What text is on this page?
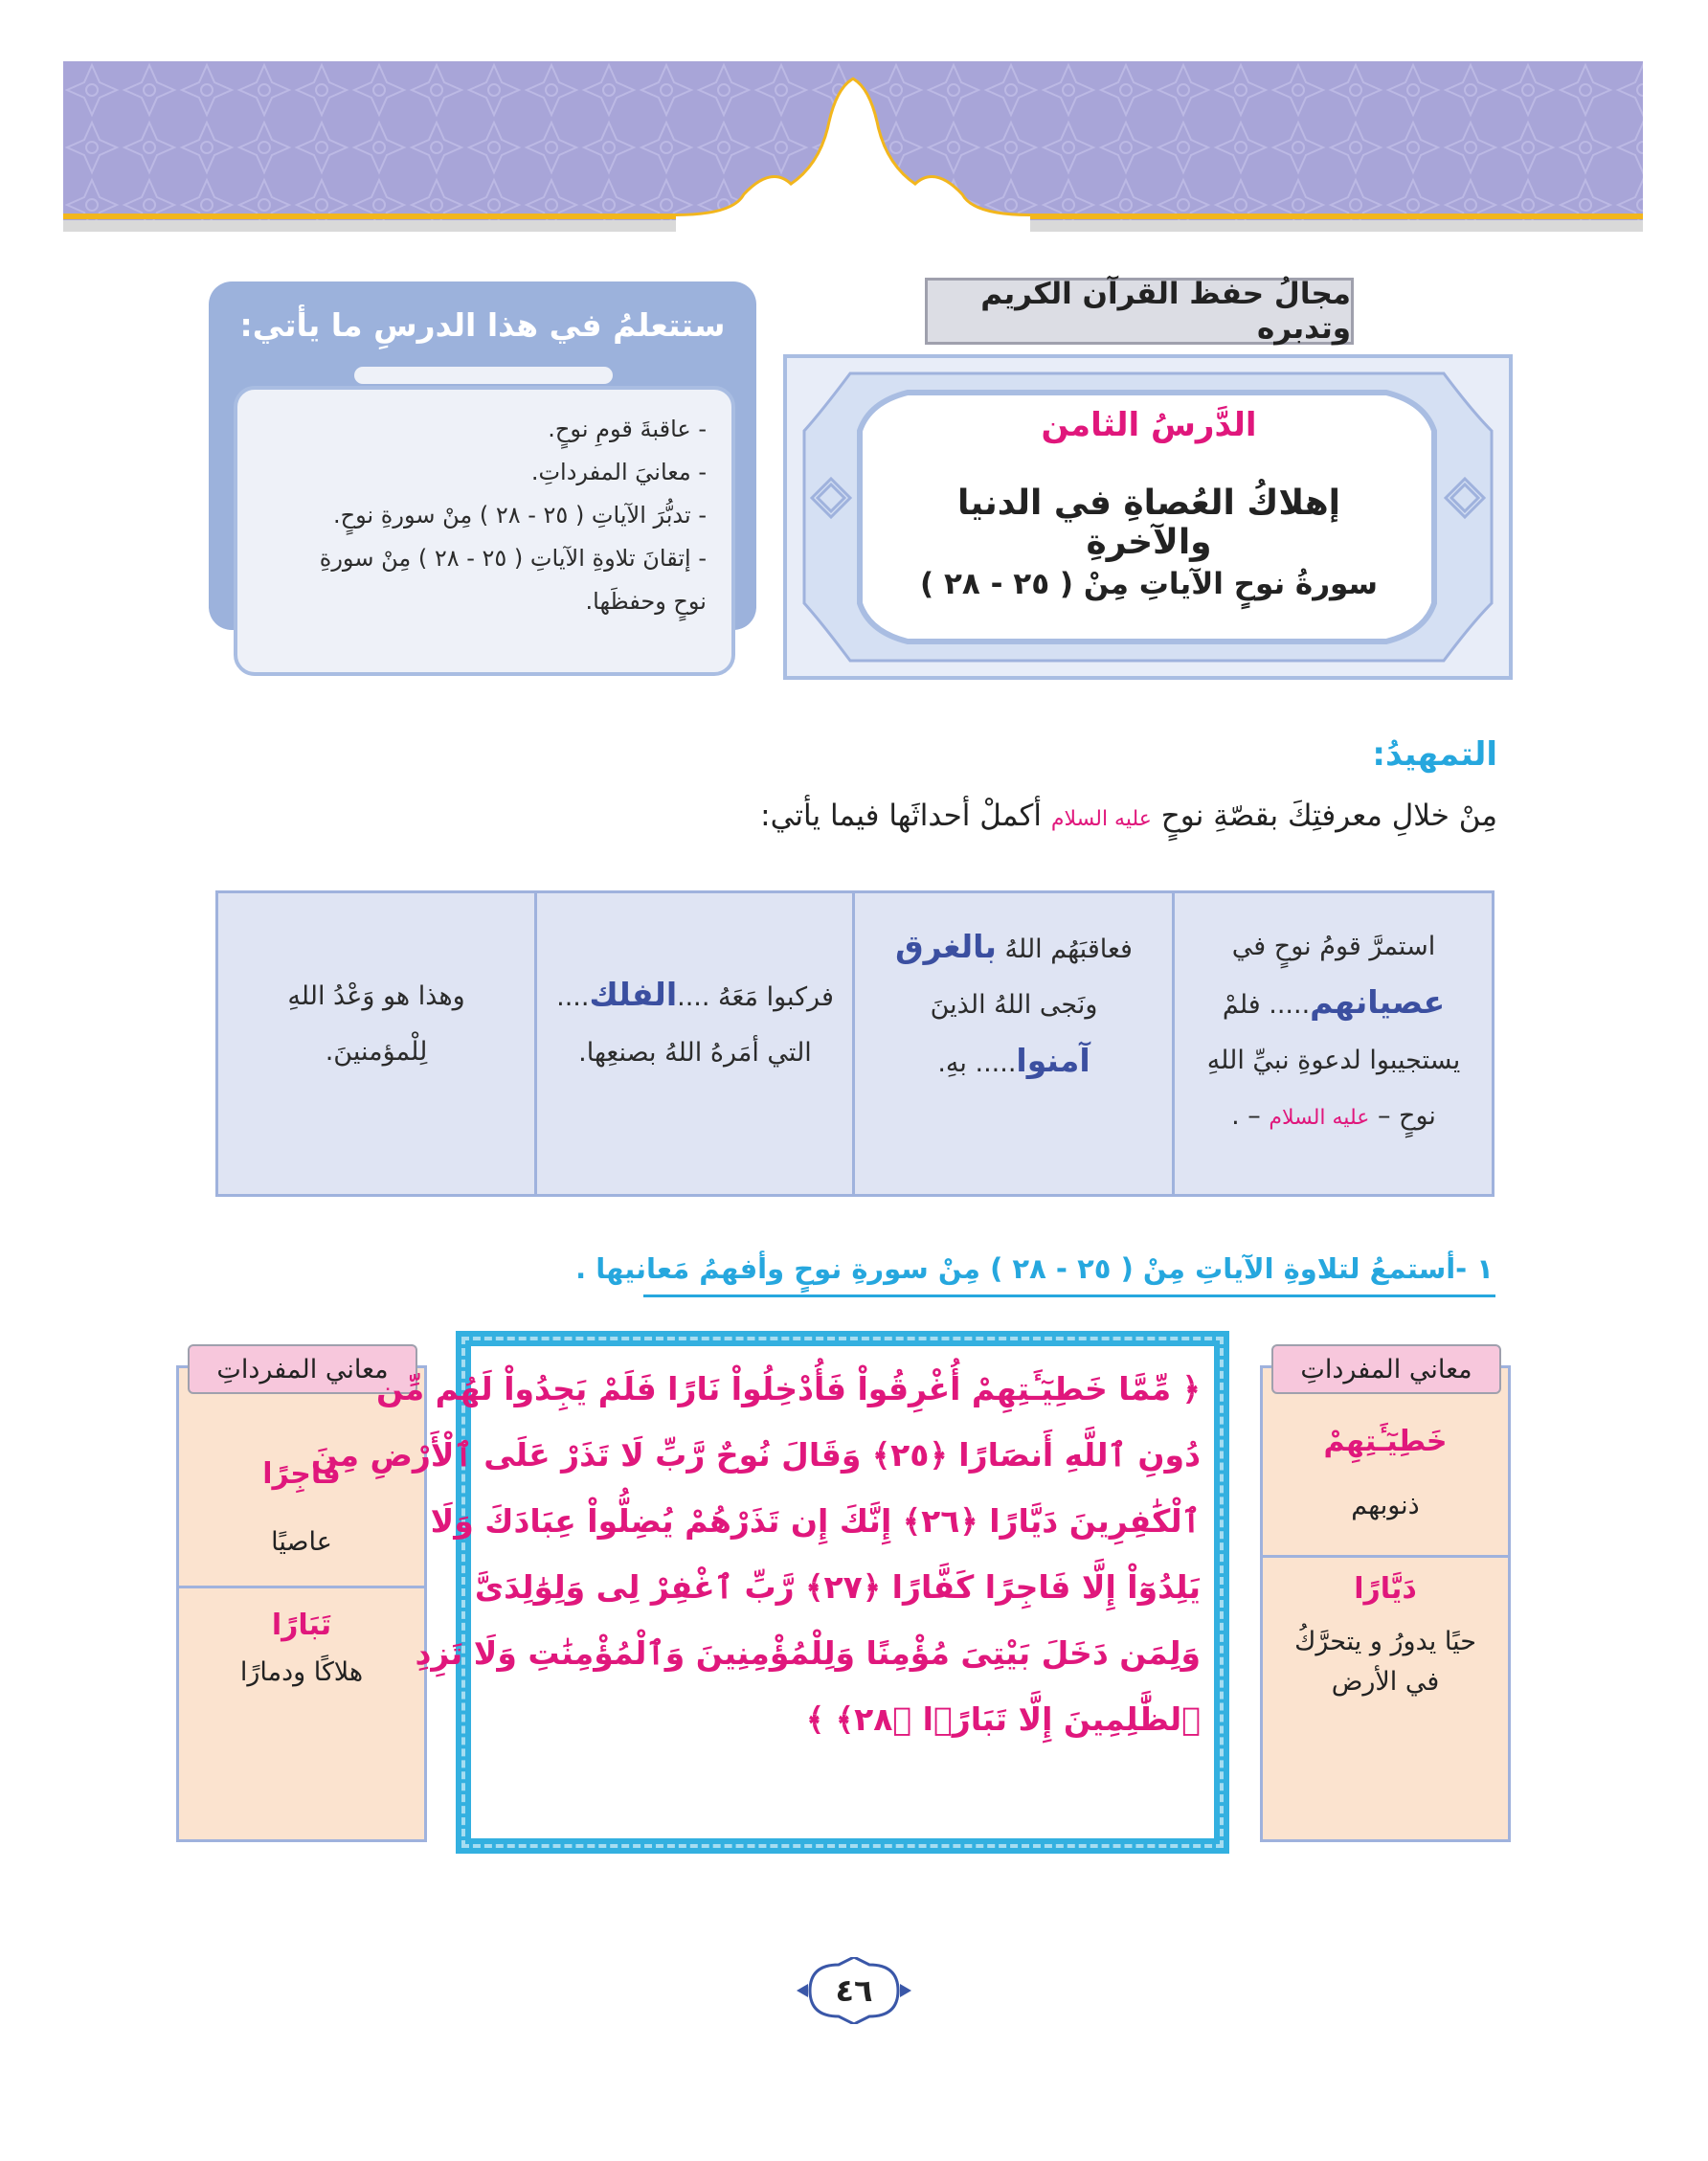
مجالُ حفظ القرآن الكريم وتدبره
الدَّرسُ الثامن
إهلاكُ العُصاةِ في الدنيا والآخرةِ
سورةُ نوحٍ الآياتِ مِنْ ( ٢٥ - ٢٨ )
ستتعلمُ في هذا الدرسِ ما يأتي:
- عاقبةَ قومِ نوحٍ.
- معانيَ المفرداتِ.
- تدبُّرَ الآياتِ ( ٢٥ - ٢٨ ) مِنْ سورةِ نوحٍ.
- إتقانَ تلاوةِ الآياتِ ( ٢٥ - ٢٨ ) مِنْ سورةِ
نوحٍ وحفظَها.
التمهيدُ:
مِنْ خلالِ معرفتِكَ بقصّةِ نوحٍ عليه السلام أكملْ أحداثَها فيما يأتي:
استمرَّ قومُ نوحٍ في
عصيانهم..... فلمْ
يستجيبوا لدعوةِ نبيِّ اللهِ
نوحٍ – عليه السلام – .
فعاقبَهُم اللهُ بالغرق
ونَجى اللهُ الذينَ
آمنوا..... بهِ.
فركبوا مَعَهُ ....الفلك....
التي أمَرهُ اللهُ بصنعِها.
وهذا هو وَعْدُ اللهِ
لِلْمؤمنينَ.
١ -أستمعُ لتلاوةِ الآياتِ مِنْ ( ٢٥ - ٢٨ ) مِنْ سورةِ نوحٍ وأفهمُ مَعانيها .
معاني المفرداتِ
خَطِيٓـَٔتِهِمْ
ذنوبهم
دَيَّارًا
حيًا يدورُ و يتحرَّكُ
في الأرض
معاني المفرداتِ
فَاجِرًا
عاصيًا
تَبَارًا
هلاكًا ودمارًا
﴿ مِّمَّا خَطِيٓـَٔتِهِمْ أُغْرِقُواْ فَأُدْخِلُواْ نَارًا فَلَمْ يَجِدُواْ لَهُم مِّن
دُونِ ٱللَّهِ أَنصَارًا ﴿٢٥﴾ وَقَالَ نُوحٌ رَّبِّ لَا تَذَرْ عَلَى ٱلْأَرْضِ مِنَ
ٱلْكَٰفِرِينَ دَيَّارًا ﴿٢٦﴾ إِنَّكَ إِن تَذَرْهُمْ يُضِلُّواْ عِبَادَكَ وَلَا
يَلِدُوٓاْ إِلَّا فَاجِرًا كَفَّارًا ﴿٢٧﴾ رَّبِّ ٱغْفِرْ لِى وَلِوَٰلِدَىَّ
وَلِمَن دَخَلَ بَيْتِىَ مُؤْمِنًا وَلِلْمُؤْمِنِينَ وَٱلْمُؤْمِنَٰتِ وَلَا تَزِدِ
ٱلظَّٰلِمِينَ إِلَّا تَبَارًۢا ﴿٢٨﴾ ﴾
٤٦
